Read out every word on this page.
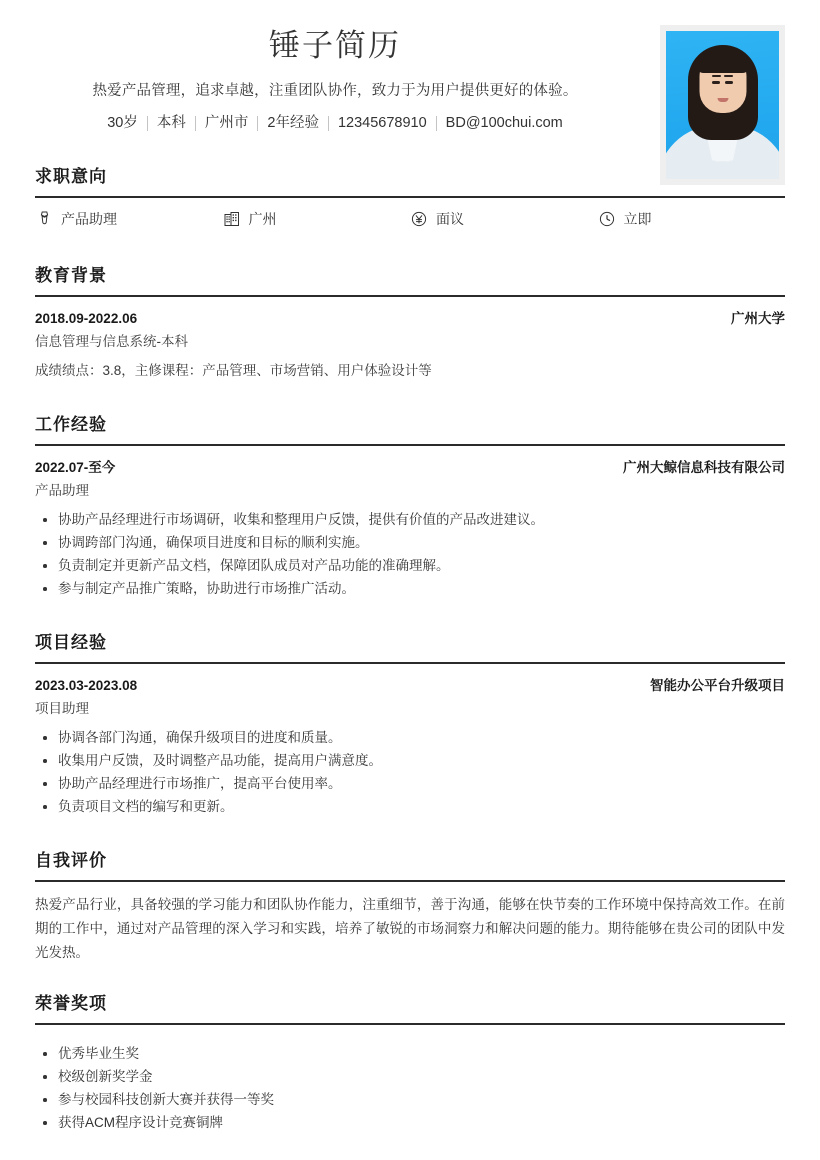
锤子简历
热爱产品管理，追求卓越，注重团队协作，致力于为用户提供更好的体验。
30岁 本科 广州市 2年经验 12345678910 BD@100chui.com
求职意向
产品助理	广州	面议	立即
教育背景
2018.09-2022.06	广州大学
信息管理与信息系统-本科
成绩绩点：3.8，主修课程：产品管理、市场营销、用户体验设计等
工作经验
2022.07-至今	广州大鲸信息科技有限公司
产品助理
协助产品经理进行市场调研，收集和整理用户反馈，提供有价值的产品改进建议。
协调跨部门沟通，确保项目进度和目标的顺利实施。
负责制定并更新产品文档，保障团队成员对产品功能的准确理解。
参与制定产品推广策略，协助进行市场推广活动。
项目经验
2023.03-2023.08	智能办公平台升级项目
项目助理
协调各部门沟通，确保升级项目的进度和质量。
收集用户反馈，及时调整产品功能，提高用户满意度。
协助产品经理进行市场推广，提高平台使用率。
负责项目文档的编写和更新。
自我评价
热爱产品行业，具备较强的学习能力和团队协作能力，注重细节，善于沟通，能够在快节奏的工作环境中保持高效工作。在前期的工作中，通过对产品管理的深入学习和实践，培养了敏锐的市场洞察力和解决问题的能力。期待能够在贵公司的团队中发光发热。
荣誉奖项
优秀毕业生奖
校级创新奖学金
参与校园科技创新大赛并获得一等奖
获得ACM程序设计竞赛铜牌
